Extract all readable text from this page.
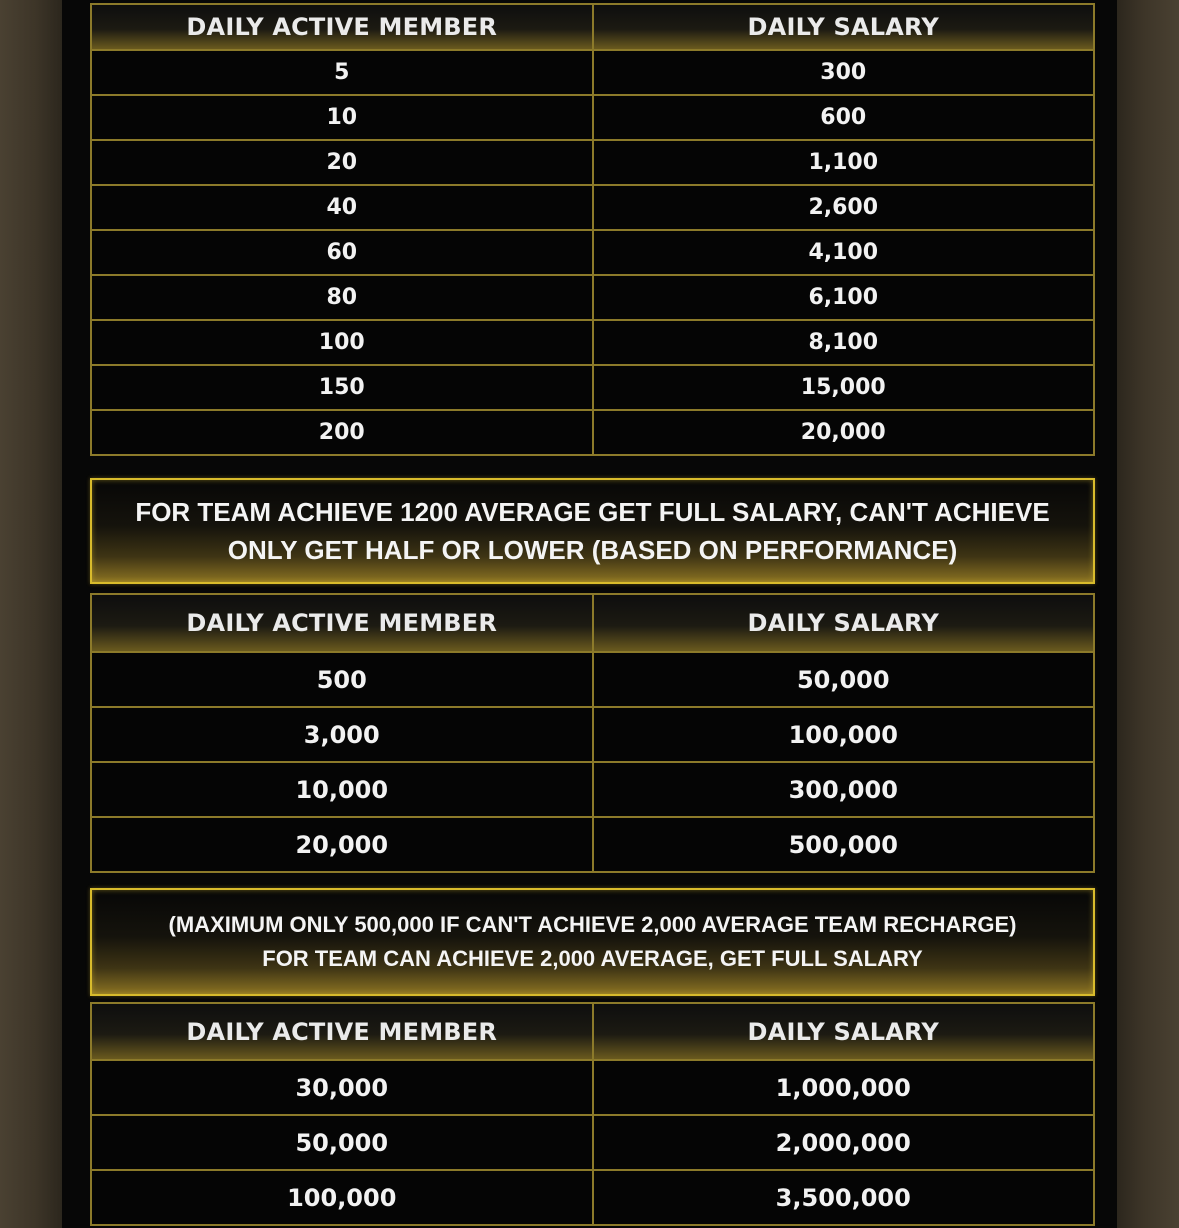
DAILY ACTIVE MEMBER	DAILY SALARY
5	300
10	600
20	1,100
40	2,600
60	4,100
80	6,100
100	8,100
150	15,000
200	20,000
FOR TEAM ACHIEVE 1200 AVERAGE GET FULL SALARY, CAN'T ACHIEVE
ONLY GET HALF OR LOWER (BASED ON PERFORMANCE)
DAILY ACTIVE MEMBER	DAILY SALARY
500	50,000
3,000	100,000
10,000	300,000
20,000	500,000
(MAXIMUM ONLY 500,000 IF CAN'T ACHIEVE 2,000 AVERAGE TEAM RECHARGE)
FOR TEAM CAN ACHIEVE 2,000 AVERAGE, GET FULL SALARY
DAILY ACTIVE MEMBER	DAILY SALARY
30,000	1,000,000
50,000	2,000,000
100,000	3,500,000
